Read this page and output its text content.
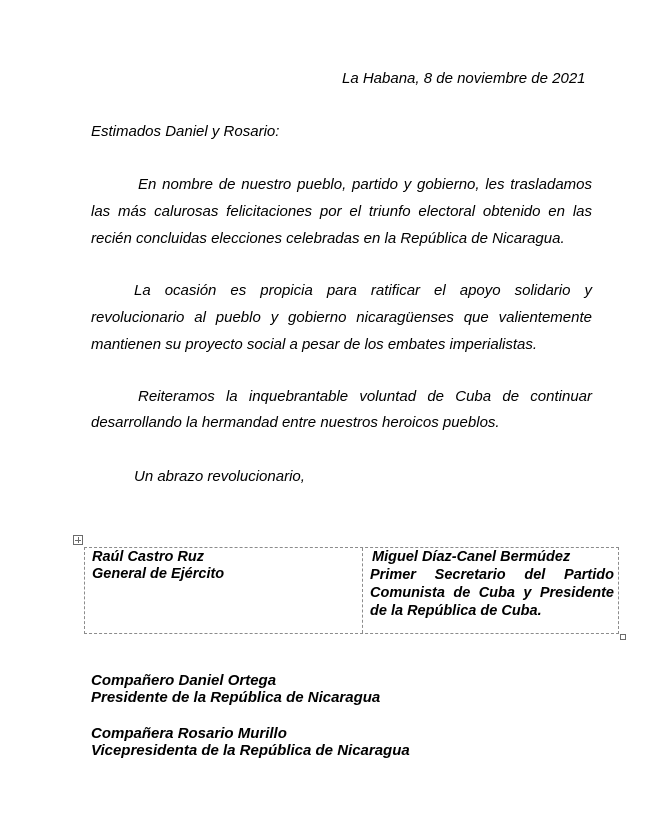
La Habana, 8 de noviembre de 2021
Estimados Daniel y Rosario:
En nombre de nuestro pueblo, partido y gobierno, les trasladamos
las más calurosas felicitaciones por el triunfo electoral obtenido en las
recién concluidas elecciones celebradas en la República de Nicaragua.
La ocasión es propicia para ratificar el apoyo solidario y
revolucionario al pueblo y gobierno nicaragüenses que valientemente
mantienen su proyecto social a pesar de los embates imperialistas.
Reiteramos la inquebrantable voluntad de Cuba de continuar
desarrollando la hermandad entre nuestros heroicos pueblos.
Un abrazo revolucionario,
Raúl Castro Ruz
General de Ejército
Miguel Díaz-Canel Bermúdez
Primer Secretario del Partido
Comunista de Cuba y Presidente
de la República de Cuba.
Compañero Daniel Ortega
Presidente de la República de Nicaragua
Compañera Rosario Murillo
Vicepresidenta de la República de Nicaragua
